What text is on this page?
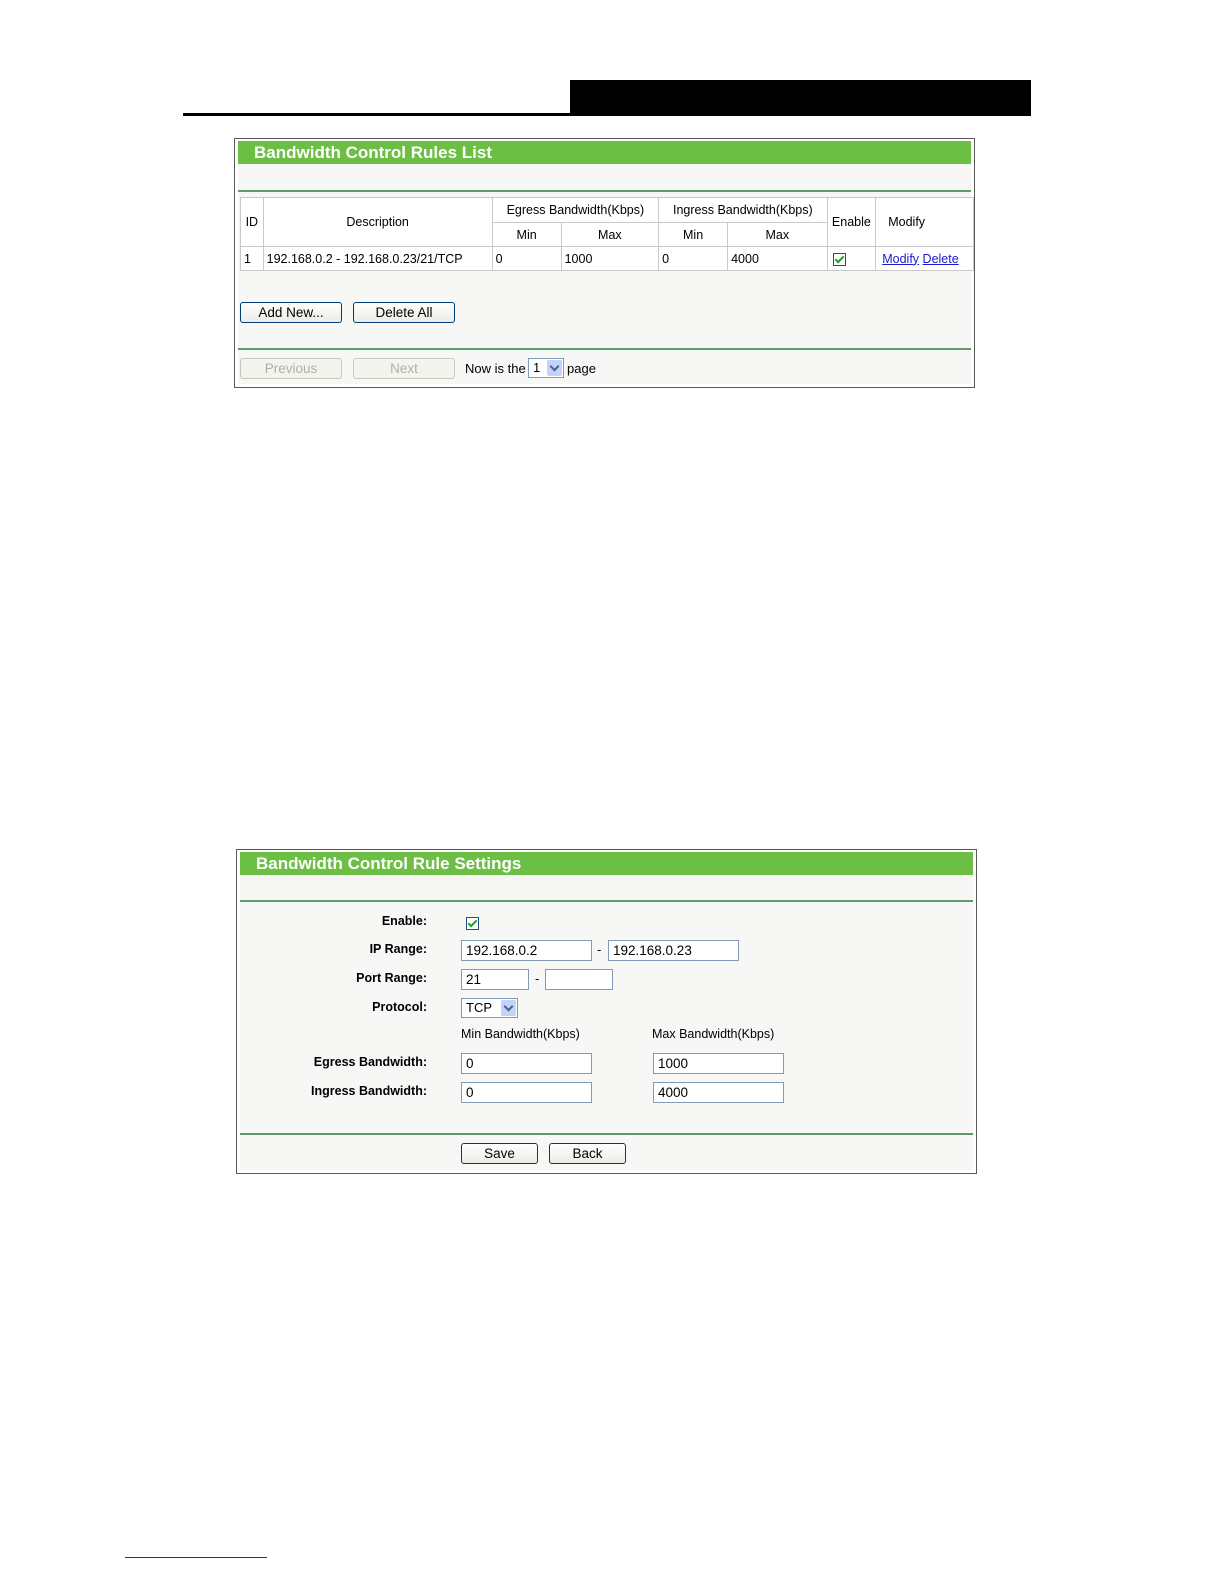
Bandwidth Control Rules List
ID	Description	Egress Bandwidth(Kbps)		Ingress Bandwidth(Kbps)		Enable	Modify
		Min	Max	Min	Max		
1	192.168.0.2 - 192.168.0.23/21/TCP	0	1000	0	4000		Modify Delete
Add New...	Delete All
Previous	Next	Now is the 1	page
Bandwidth Control Rule Settings
Enable:
IP Range:
192.168.0.2	-
192.168.0.23
Port Range:
21	-
Protocol:	TCP
Min Bandwidth(Kbps)	Max Bandwidth(Kbps)
Egress Bandwidth:
0
1000
Ingress Bandwidth:
0
4000
Save	Back
